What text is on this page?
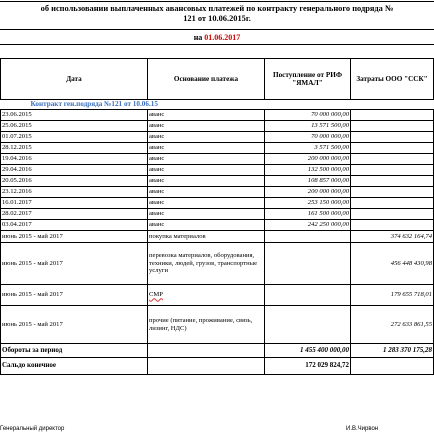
об использовании выплаченных авансовых платежей по контракту генерального подряда №
121 от 10.06.2015г.
на 01.06.2017
Дата	Основание платежа	Поступление от РИФ "ЯМАЛ"	Затраты ООО "ССК"
Контракт ген.подряда №121 от 10.06.15			
23.06.2015	аванс	70 000 000,00	
25.06.2015	аванс	13 571 500,00	
01.07.2015	аванс	70 000 000,00	
28.12.2015	аванс	3 571 500,00	
19.04.2016	аванс	200 000 000,00	
29.04.2016	аванс	132 500 000,00	
20.05.2016	аванс	108 857 000,00	
23.12.2016	аванс	200 000 000,00	
16.01.2017	аванс	253 150 000,00	
28.02.2017	аванс	161 500 000,00	
03.04.2017	аванс	242 250 000,00	
июнь 2015 - май 2017	покупка материалов		374 632 164,74
июнь 2015 - май 2017	перевозка материалов, оборудования, техники, людей, грузов, транспортные услуги		456 448 430,98
июнь 2015 - май 2017	СМР		179 655 718,01
июнь 2015 - май 2017	прочие (питание, проживание, связь, лизинг, НДС)		272 633 861,55
Обороты за период		1 455 400 000,00	1 283 370 175,28
Сальдо конечное		172 029 824,72	
Генеральный директор	И.В.Чирвон
